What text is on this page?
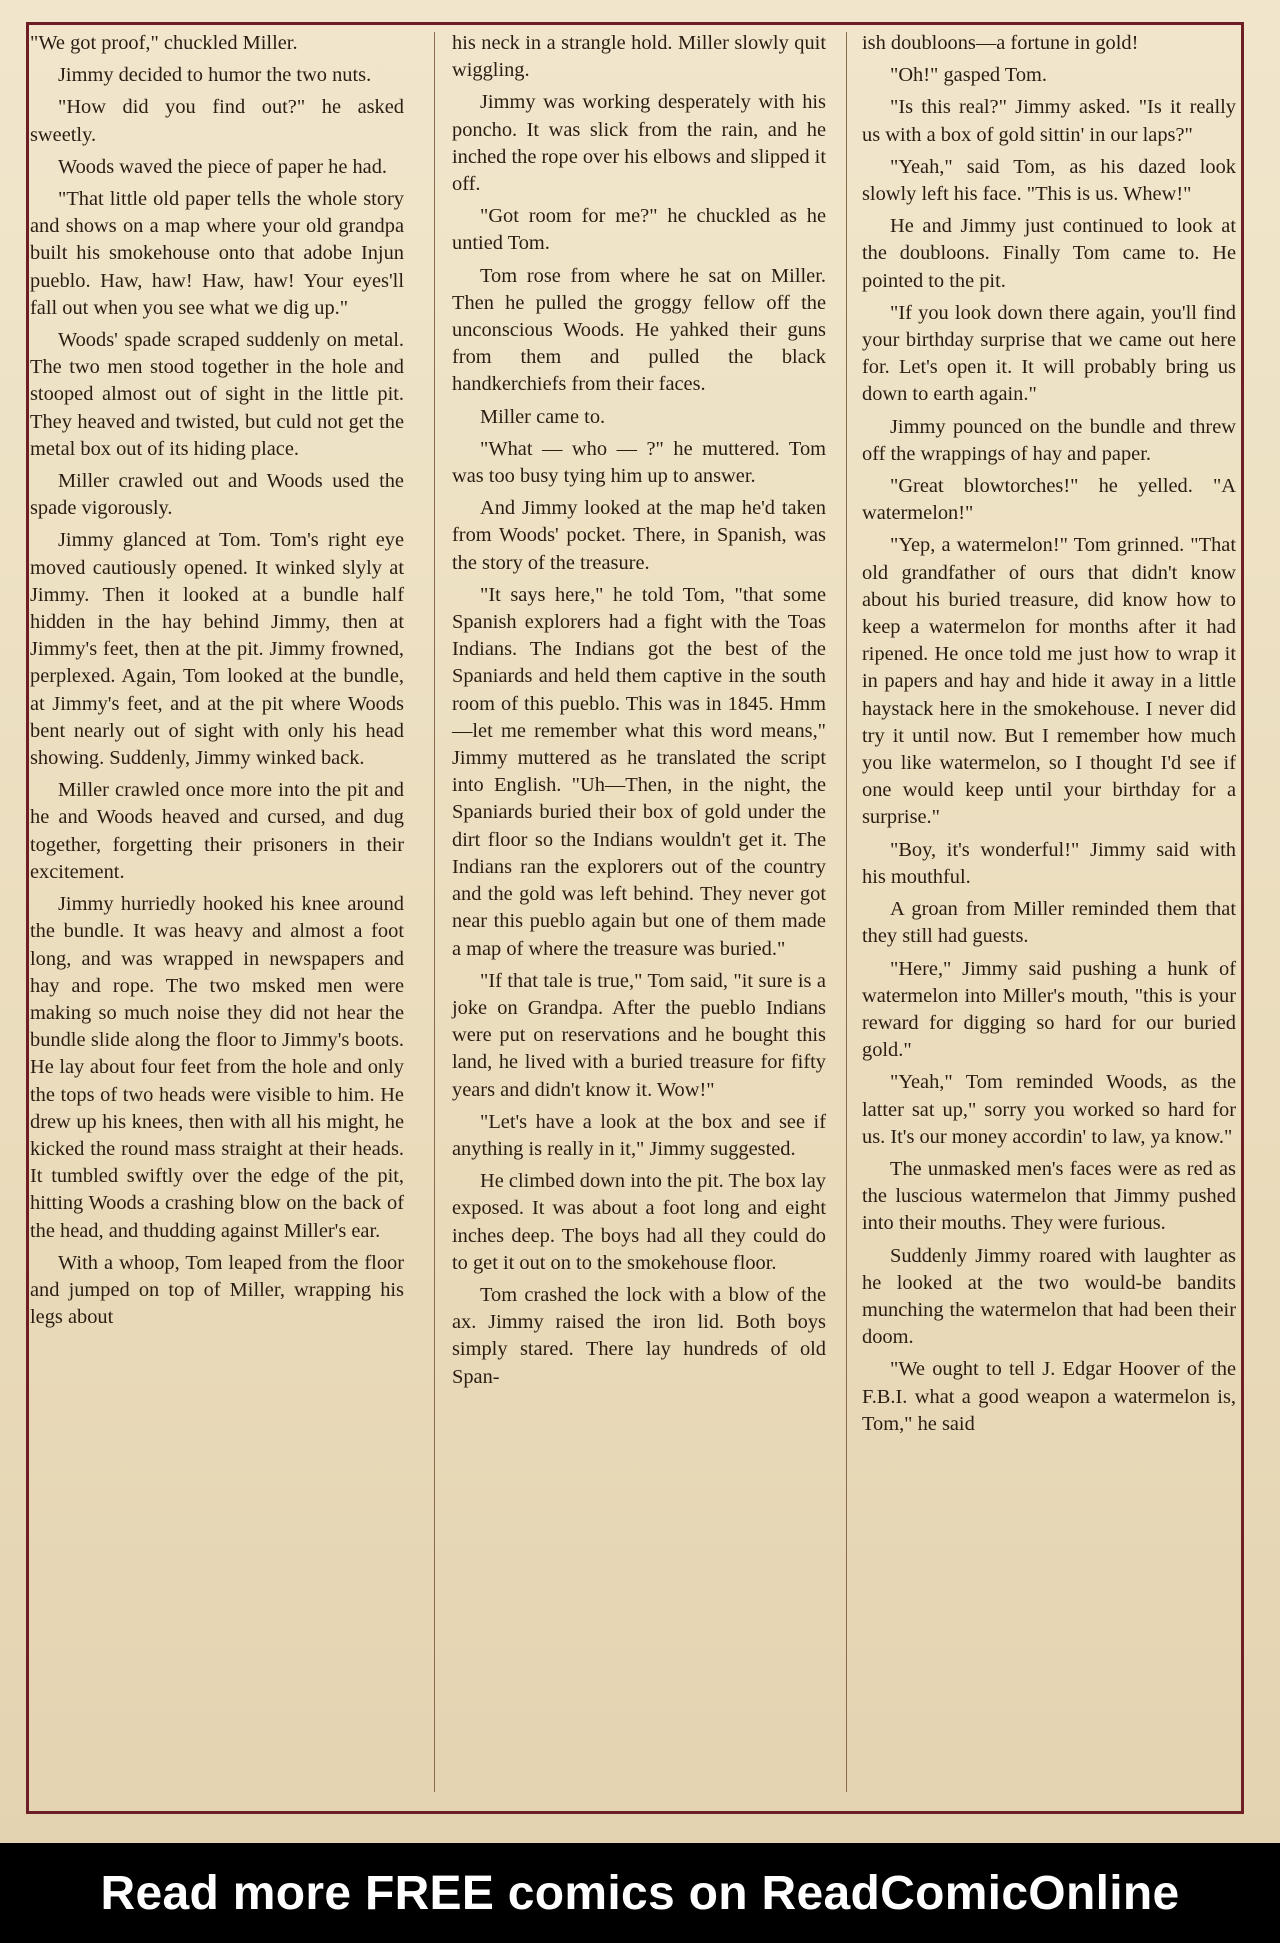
"We got proof," chuckled Miller.

Jimmy decided to humor the two nuts.

"How did you find out?" he asked sweetly.

Woods waved the piece of paper he had.

"That little old paper tells the whole story and shows on a map where your old grandpa built his smokehouse onto that adobe Injun pueblo. Haw, haw! Haw, haw! Your eyes'll fall out when you see what we dig up."

Woods' spade scraped suddenly on metal. The two men stood together in the hole and stooped almost out of sight in the little pit. They heaved and twisted, but culd not get the metal box out of its hiding place.

Miller crawled out and Woods used the spade vigorously.

Jimmy glanced at Tom. Tom's right eye moved cautiously opened. It winked slyly at Jimmy. Then it looked at a bundle half hidden in the hay behind Jimmy, then at Jimmy's feet, then at the pit. Jimmy frowned, perplexed. Again, Tom looked at the bundle, at Jimmy's feet, and at the pit where Woods bent nearly out of sight with only his head showing. Suddenly, Jimmy winked back.

Miller crawled once more into the pit and he and Woods heaved and cursed, and dug together, forgetting their prisoners in their excitement.

Jimmy hurriedly hooked his knee around the bundle. It was heavy and almost a foot long, and was wrapped in newspapers and hay and rope. The two msked men were making so much noise they did not hear the bundle slide along the floor to Jimmy's boots. He lay about four feet from the hole and only the tops of two heads were visible to him. He drew up his knees, then with all his might, he kicked the round mass straight at their heads. It tumbled swiftly over the edge of the pit, hitting Woods a crashing blow on the back of the head, and thudding against Miller's ear.

With a whoop, Tom leaped from the floor and jumped on top of Miller, wrapping his legs about

his neck in a strangle hold. Miller slowly quit wiggling.

Jimmy was working desperately with his poncho. It was slick from the rain, and he inched the rope over his elbows and slipped it off.

"Got room for me?" he chuckled as he untied Tom.

Tom rose from where he sat on Miller. Then he pulled the groggy fellow off the unconscious Woods. He yahked their guns from them and pulled the black handkerchiefs from their faces.

Miller came to.

"What — who — ?" he muttered. Tom was too busy tying him up to answer.

And Jimmy looked at the map he'd taken from Woods' pocket. There, in Spanish, was the story of the treasure.

"It says here," he told Tom, "that some Spanish explorers had a fight with the Toas Indians. The Indians got the best of the Spaniards and held them captive in the south room of this pueblo. This was in 1845. Hmm—let me remember what this word means," Jimmy muttered as he translated the script into English. "Uh—Then, in the night, the Spaniards buried their box of gold under the dirt floor so the Indians wouldn't get it. The Indians ran the explorers out of the country and the gold was left behind. They never got near this pueblo again but one of them made a map of where the treasure was buried."

"If that tale is true," Tom said, "it sure is a joke on Grandpa. After the pueblo Indians were put on reservations and he bought this land, he lived with a buried treasure for fifty years and didn't know it. Wow!"

"Let's have a look at the box and see if anything is really in it," Jimmy suggested.

He climbed down into the pit. The box lay exposed. It was about a foot long and eight inches deep. The boys had all they could do to get it out on to the smokehouse floor.

Tom crashed the lock with a blow of the ax. Jimmy raised the iron lid. Both boys simply stared. There lay hundreds of old Span-

ish doubloons—a fortune in gold!

"Oh!" gasped Tom.

"Is this real?" Jimmy asked. "Is it really us with a box of gold sittin' in our laps?"

"Yeah," said Tom, as his dazed look slowly left his face. "This is us. Whew!"

He and Jimmy just continued to look at the doubloons. Finally Tom came to. He pointed to the pit.

"If you look down there again, you'll find your birthday surprise that we came out here for. Let's open it. It will probably bring us down to earth again."

Jimmy pounced on the bundle and threw off the wrappings of hay and paper.

"Great blowtorches!" he yelled. "A watermelon!"

"Yep, a watermelon!" Tom grinned. "That old grandfather of ours that didn't know about his buried treasure, did know how to keep a watermelon for months after it had ripened. He once told me just how to wrap it in papers and hay and hide it away in a little haystack here in the smokehouse. I never did try it until now. But I remember how much you like watermelon, so I thought I'd see if one would keep until your birthday for a surprise."

"Boy, it's wonderful!" Jimmy said with his mouthful.

A groan from Miller reminded them that they still had guests.

"Here," Jimmy said pushing a hunk of watermelon into Miller's mouth, "this is your reward for digging so hard for our buried gold."

"Yeah," Tom reminded Woods, as the latter sat up," sorry you worked so hard for us. It's our money accordin' to law, ya know."

The unmasked men's faces were as red as the luscious watermelon that Jimmy pushed into their mouths. They were furious.

Suddenly Jimmy roared with laughter as he looked at the two would-be bandits munching the watermelon that had been their doom.

"We ought to tell J. Edgar Hoover of the F.B.I. what a good weapon a watermelon is, Tom," he said

Read more FREE comics on ReadComicOnline
